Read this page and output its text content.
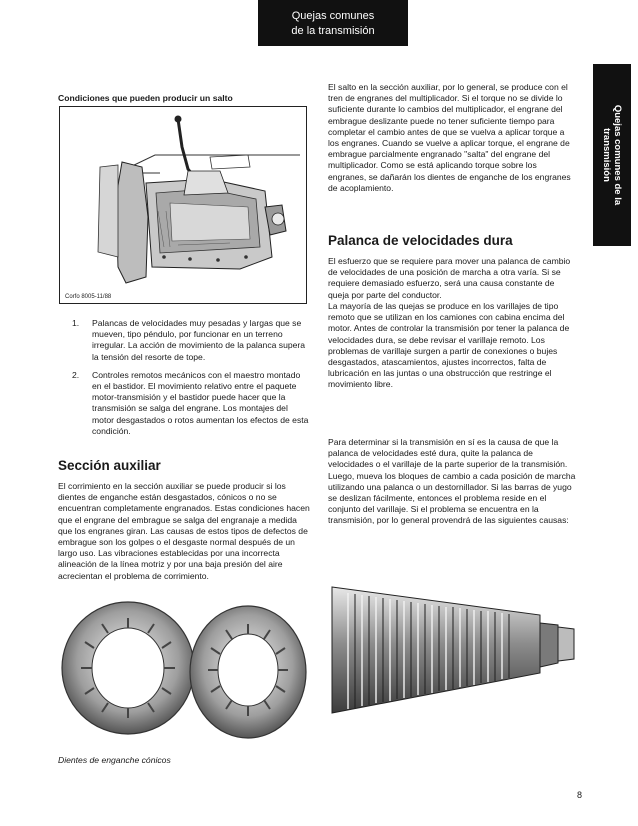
Quejas comunes
de la transmisión
Quejas comunes de la
transmisión
Condiciones que pueden producir un salto
Corfo 8005-11/88
1. Palancas de velocidades muy pesadas y largas que se mueven, tipo péndulo, por funcionar en un terreno irregular. La acción de movimiento de la palanca supera la tensión del resorte de tope.
2. Controles remotos mecánicos con el maestro montado en el bastidor. El movimiento relativo entre el paquete motor-transmisión y el bastidor puede hacer que la transmisión se salga del engrane. Los montajes del motor desgastados o rotos aumentan los efectos de esta condición.
Sección auxiliar

El corrimiento en la sección auxiliar se puede producir si los dientes de enganche están desgastados, cónicos o no se encuentran completamente engranados. Estas condiciones hacen que el engrane del embrague se salga del engranaje a medida que los engranes giran. Las causas de estos tipos de defectos de embrague son los golpes o el desgaste normal después de un largo uso. Las vibraciones establecidas por una incorrecta alineación de la línea motriz y por una baja presión del aire acrecientan el problema de corrimiento.

Dientes de enganche cónicos

El salto en la sección auxiliar, por lo general, se produce con el tren de engranes del multiplicador. Si el torque no se divide lo suficiente durante lo cambios del multiplicador, el engrane del embrague deslizante puede no tener suficiente tiempo para completar el cambio antes de que se vuelva a aplicar torque a los engranes. Cuando se vuelve a aplicar torque, el engrane de embrague parcialmente engranado "salta" del engrane del multiplicador. Como se está aplicando torque sobre los engranes, se dañarán los dientes de enganche de los engranes de acoplamiento.

Palanca de velocidades dura

El esfuerzo que se requiere para mover una palanca de cambio de velocidades de una posición de marcha a otra varía. Si se requiere demasiado esfuerzo, será una causa constante de queja por parte del conductor.

La mayoría de las quejas se produce en los varillajes de tipo remoto que se utilizan en los camiones con cabina encima del motor. Antes de controlar la transmisión por tener la palanca de velocidades dura, se debe revisar el varillaje remoto. Los problemas de varillaje surgen a partir de conexiones o bujes desgastados, atascamientos, ajustes incorrectos, falta de lubricación en las juntas o una obstrucción que restringe el movimiento libre.

Para determinar si la transmisión en sí es la causa de que la palanca de velocidades esté dura, quite la palanca de velocidades o el varillaje de la parte superior de la transmisión. Luego, mueva los bloques de cambio a cada posición de marcha utilizando una palanca o un destornillador. Si las barras de yugo se deslizan fácilmente, entonces el problema reside en el conjunto del varillaje. Si el problema se encuentra en la transmisión, por lo general provendrá de las siguientes causas:

8
